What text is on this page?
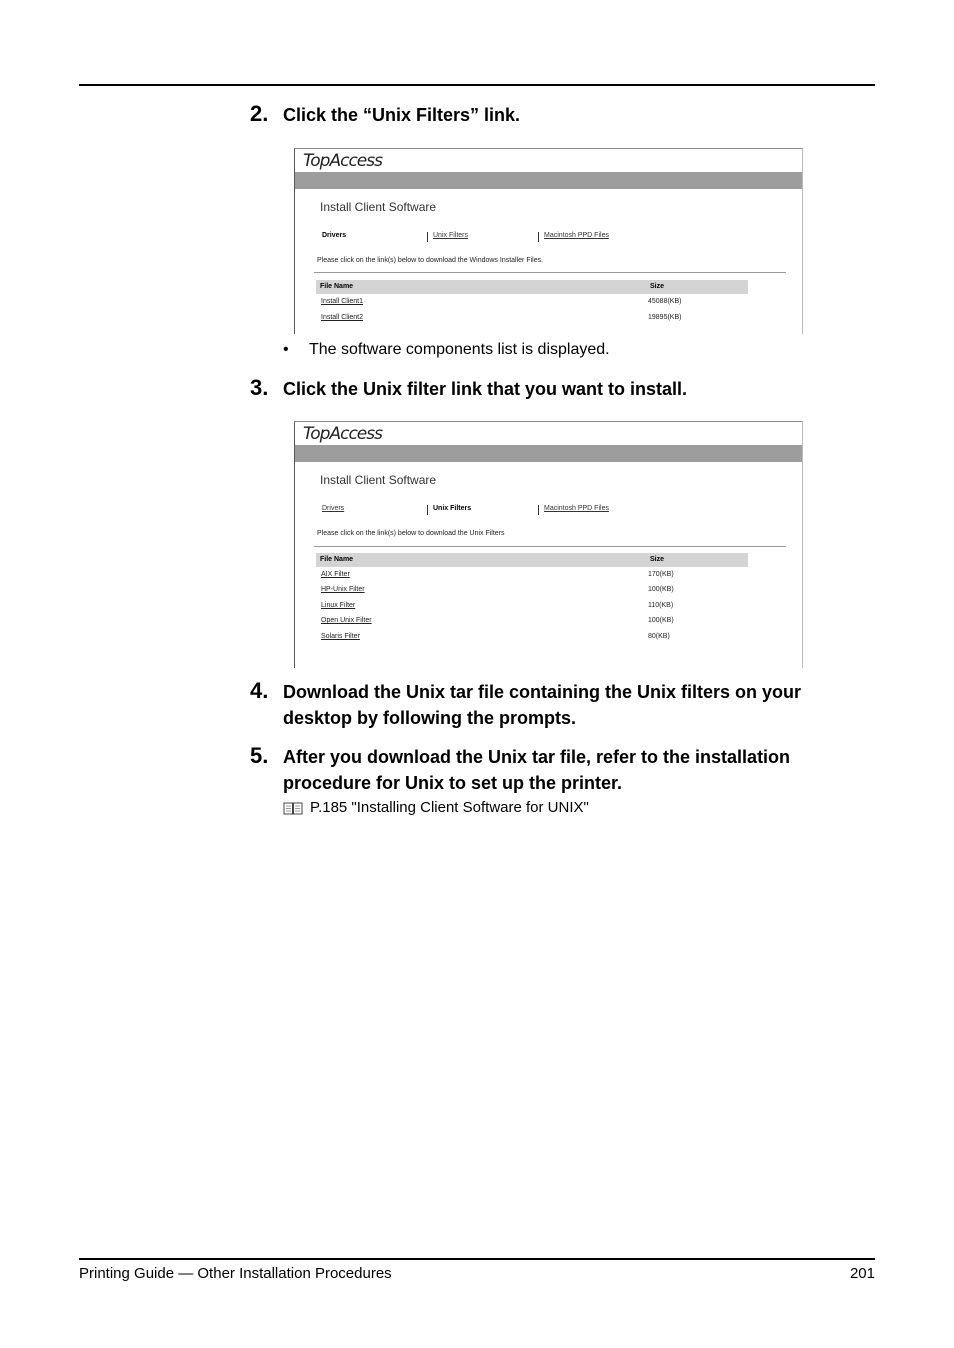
2. Click the “Unix Filters” link.
TopAccess
Install Client Software
Drivers	Unix Filters	Macintosh PPD Files
Please click on the link(s) below to download the Windows Installer Files.
File Name	Size
Install Client1	45088(KB)
Install Client2	19895(KB)
• The software components list is displayed.
3. Click the Unix filter link that you want to install.
TopAccess
Install Client Software
Drivers	Unix Filters	Macintosh PPD Files
Please click on the link(s) below to download the Unix Filters
File Name	Size
AIX Filter	170(KB)
HP-Unix Filter	100(KB)
Linux Filter	110(KB)
Open Unix Filter	100(KB)
Solaris Filter	80(KB)
4. Download the Unix tar file containing the Unix filters on your
desktop by following the prompts.
5. After you download the Unix tar file, refer to the installation
procedure for Unix to set up the printer.
P.185 "Installing Client Software for UNIX"
Printing Guide — Other Installation Procedures	201
